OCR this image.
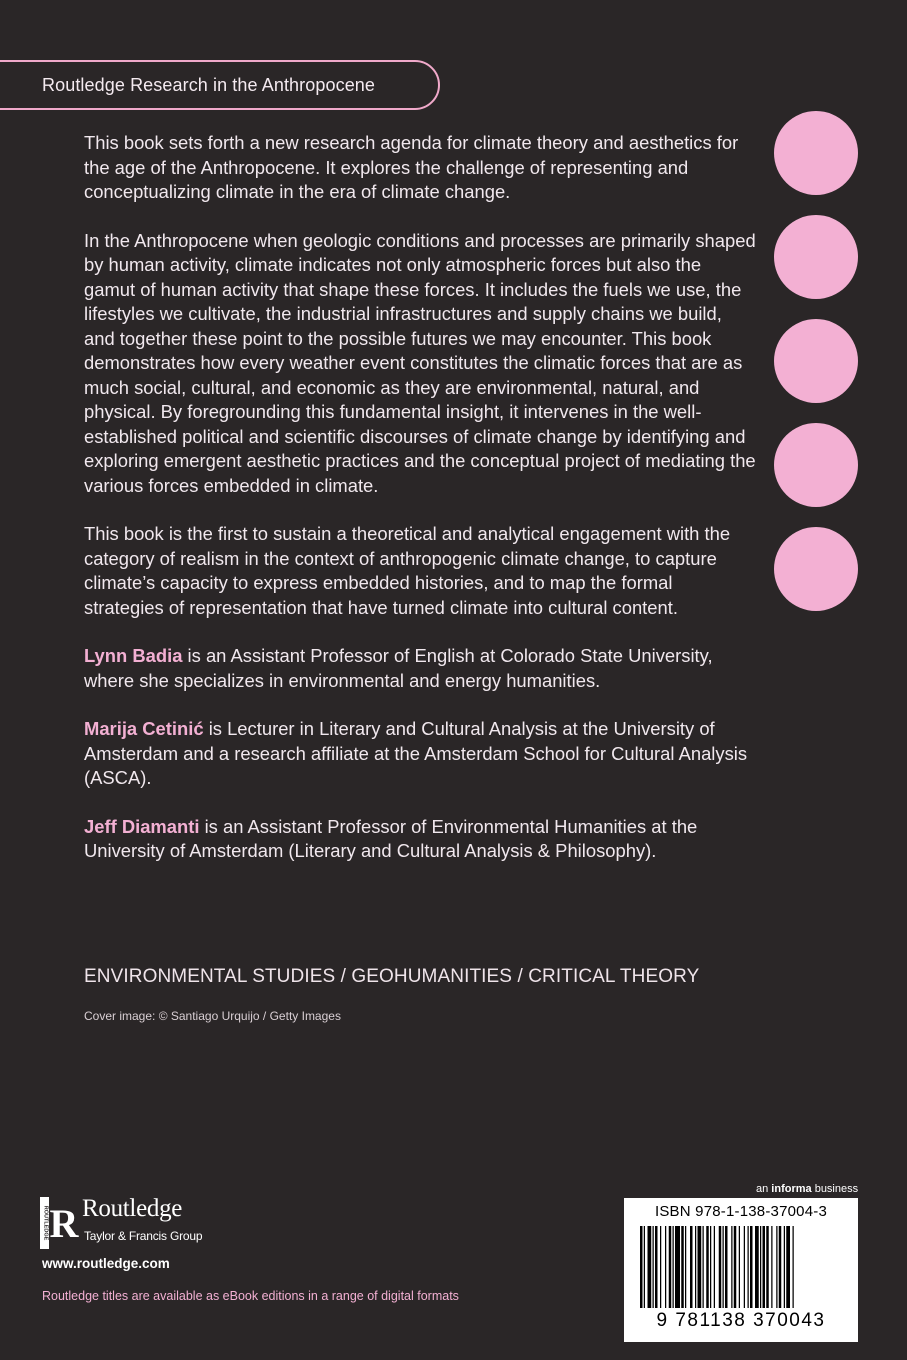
Routledge Research in the Anthropocene

This book sets forth a new research agenda for climate theory and aesthetics for the age of the Anthropocene. It explores the challenge of representing and conceptualizing climate in the era of climate change.

In the Anthropocene when geologic conditions and processes are primarily shaped by human activity, climate indicates not only atmospheric forces but also the gamut of human activity that shape these forces. It includes the fuels we use, the lifestyles we cultivate, the industrial infrastructures and supply chains we build, and together these point to the possible futures we may encounter. This book demonstrates how every weather event constitutes the climatic forces that are as much social, cultural, and economic as they are environmental, natural, and physical. By foregrounding this fundamental insight, it intervenes in the well-established political and scientific discourses of climate change by identifying and exploring emergent aesthetic practices and the conceptual project of mediating the various forces embedded in climate.

This book is the first to sustain a theoretical and analytical engagement with the category of realism in the context of anthropogenic climate change, to capture climate’s capacity to express embedded histories, and to map the formal strategies of representation that have turned climate into cultural content.

Lynn Badia is an Assistant Professor of English at Colorado State University, where she specializes in environmental and energy humanities.

Marija Cetinić is Lecturer in Literary and Cultural Analysis at the University of Amsterdam and a research affiliate at the Amsterdam School for Cultural Analysis (ASCA).

Jeff Diamanti is an Assistant Professor of Environmental Humanities at the University of Amsterdam (Literary and Cultural Analysis & Philosophy).

ENVIRONMENTAL STUDIES / GEOHUMANITIES / CRITICAL THEORY
Cover image: © Santiago Urquijo / Getty Images
ROUTLEDGE R Routledge
Taylor & Francis Group
www.routledge.com
Routledge titles are available as eBook editions in a range of digital formats
an informa business
ISBN 978-1-138-37004-3
9 781138 370043
